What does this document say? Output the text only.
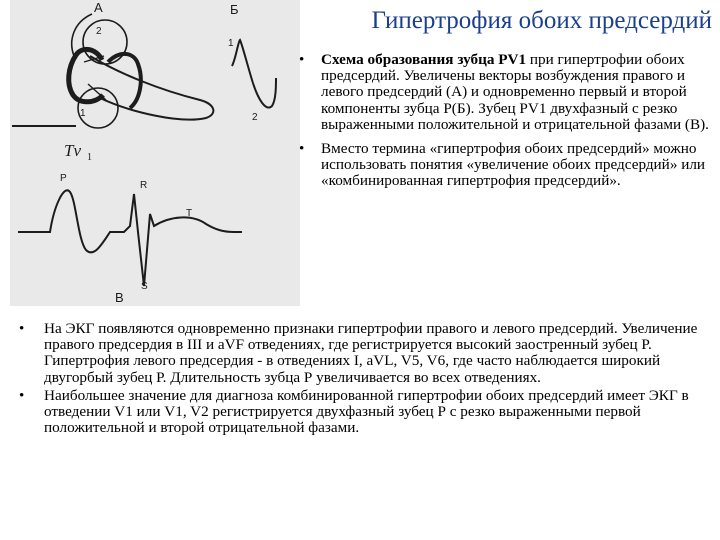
Гипертрофия обоих предсердий
А
2
1
Tv 1
Б
1
2
P
R
T
S
В
• Схема образования зубца PV1 при гипертрофии обоих предсердий. Увеличены векторы возбуждения правого и левого предсердий (А) и одновременно первый и второй компоненты зубца Р(Б). Зубец PV1 двухфазный с резко выраженными положительной и отрицательной фазами (В).
• Вместо термина «гипертрофия обоих предсердий» можно использовать понятия «увеличение обоих предсердий» или «комбинированная гипертрофия предсердий».
• На ЭКГ появляются одновременно признаки гипертрофии правого и левого предсердий. Увеличение правого предсердия в III и aVF отведениях, где регистрируется высокий заостренный зубец Р. Гипертрофия левого предсердия - в отведениях I, aVL, V5, V6, где часто наблюдается широкий двугорбый зубец Р. Длительность зубца Р увеличивается во всех отведениях.
• Наибольшее значение для диагноза комбинированной гипертрофии обоих предсердий имеет ЭКГ в отведении V1 или V1, V2 регистрируется двухфазный зубец Р с резко выраженными первой положительной и второй отрицательной фазами.
